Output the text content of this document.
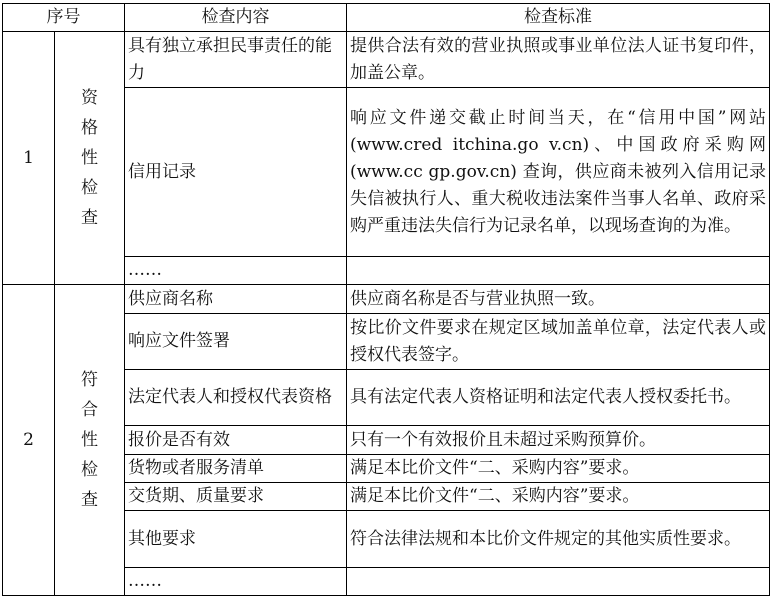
序号		检查内容	检查标准
1	资格性检查	具有独立承担民事责任的能力	提供合法有效的营业执照或事业单位法人证书复印件，加盖公章。
		信用记录	响应文件递交截止时间当天，在“信用中国”网站(www.cred itchina.go v.cn)、中国政府采购网(www.cc gp.gov.cn) 查询，供应商未被列入信用记录失信被执行人、重大税收违法案件当事人名单、政府采购严重违法失信行为记录名单，以现场查询的为准。
		……	
2	符合性检查	供应商名称	供应商名称是否与营业执照一致。
		响应文件签署	按比价文件要求在规定区域加盖单位章，法定代表人或授权代表签字。
		法定代表人和授权代表资格	具有法定代表人资格证明和法定代表人授权委托书。
		报价是否有效	只有一个有效报价且未超过采购预算价。
		货物或者服务清单	满足本比价文件“二、采购内容”要求。
		交货期、质量要求	满足本比价文件“二、采购内容”要求。
		其他要求	符合法律法规和本比价文件规定的其他实质性要求。
		……	
